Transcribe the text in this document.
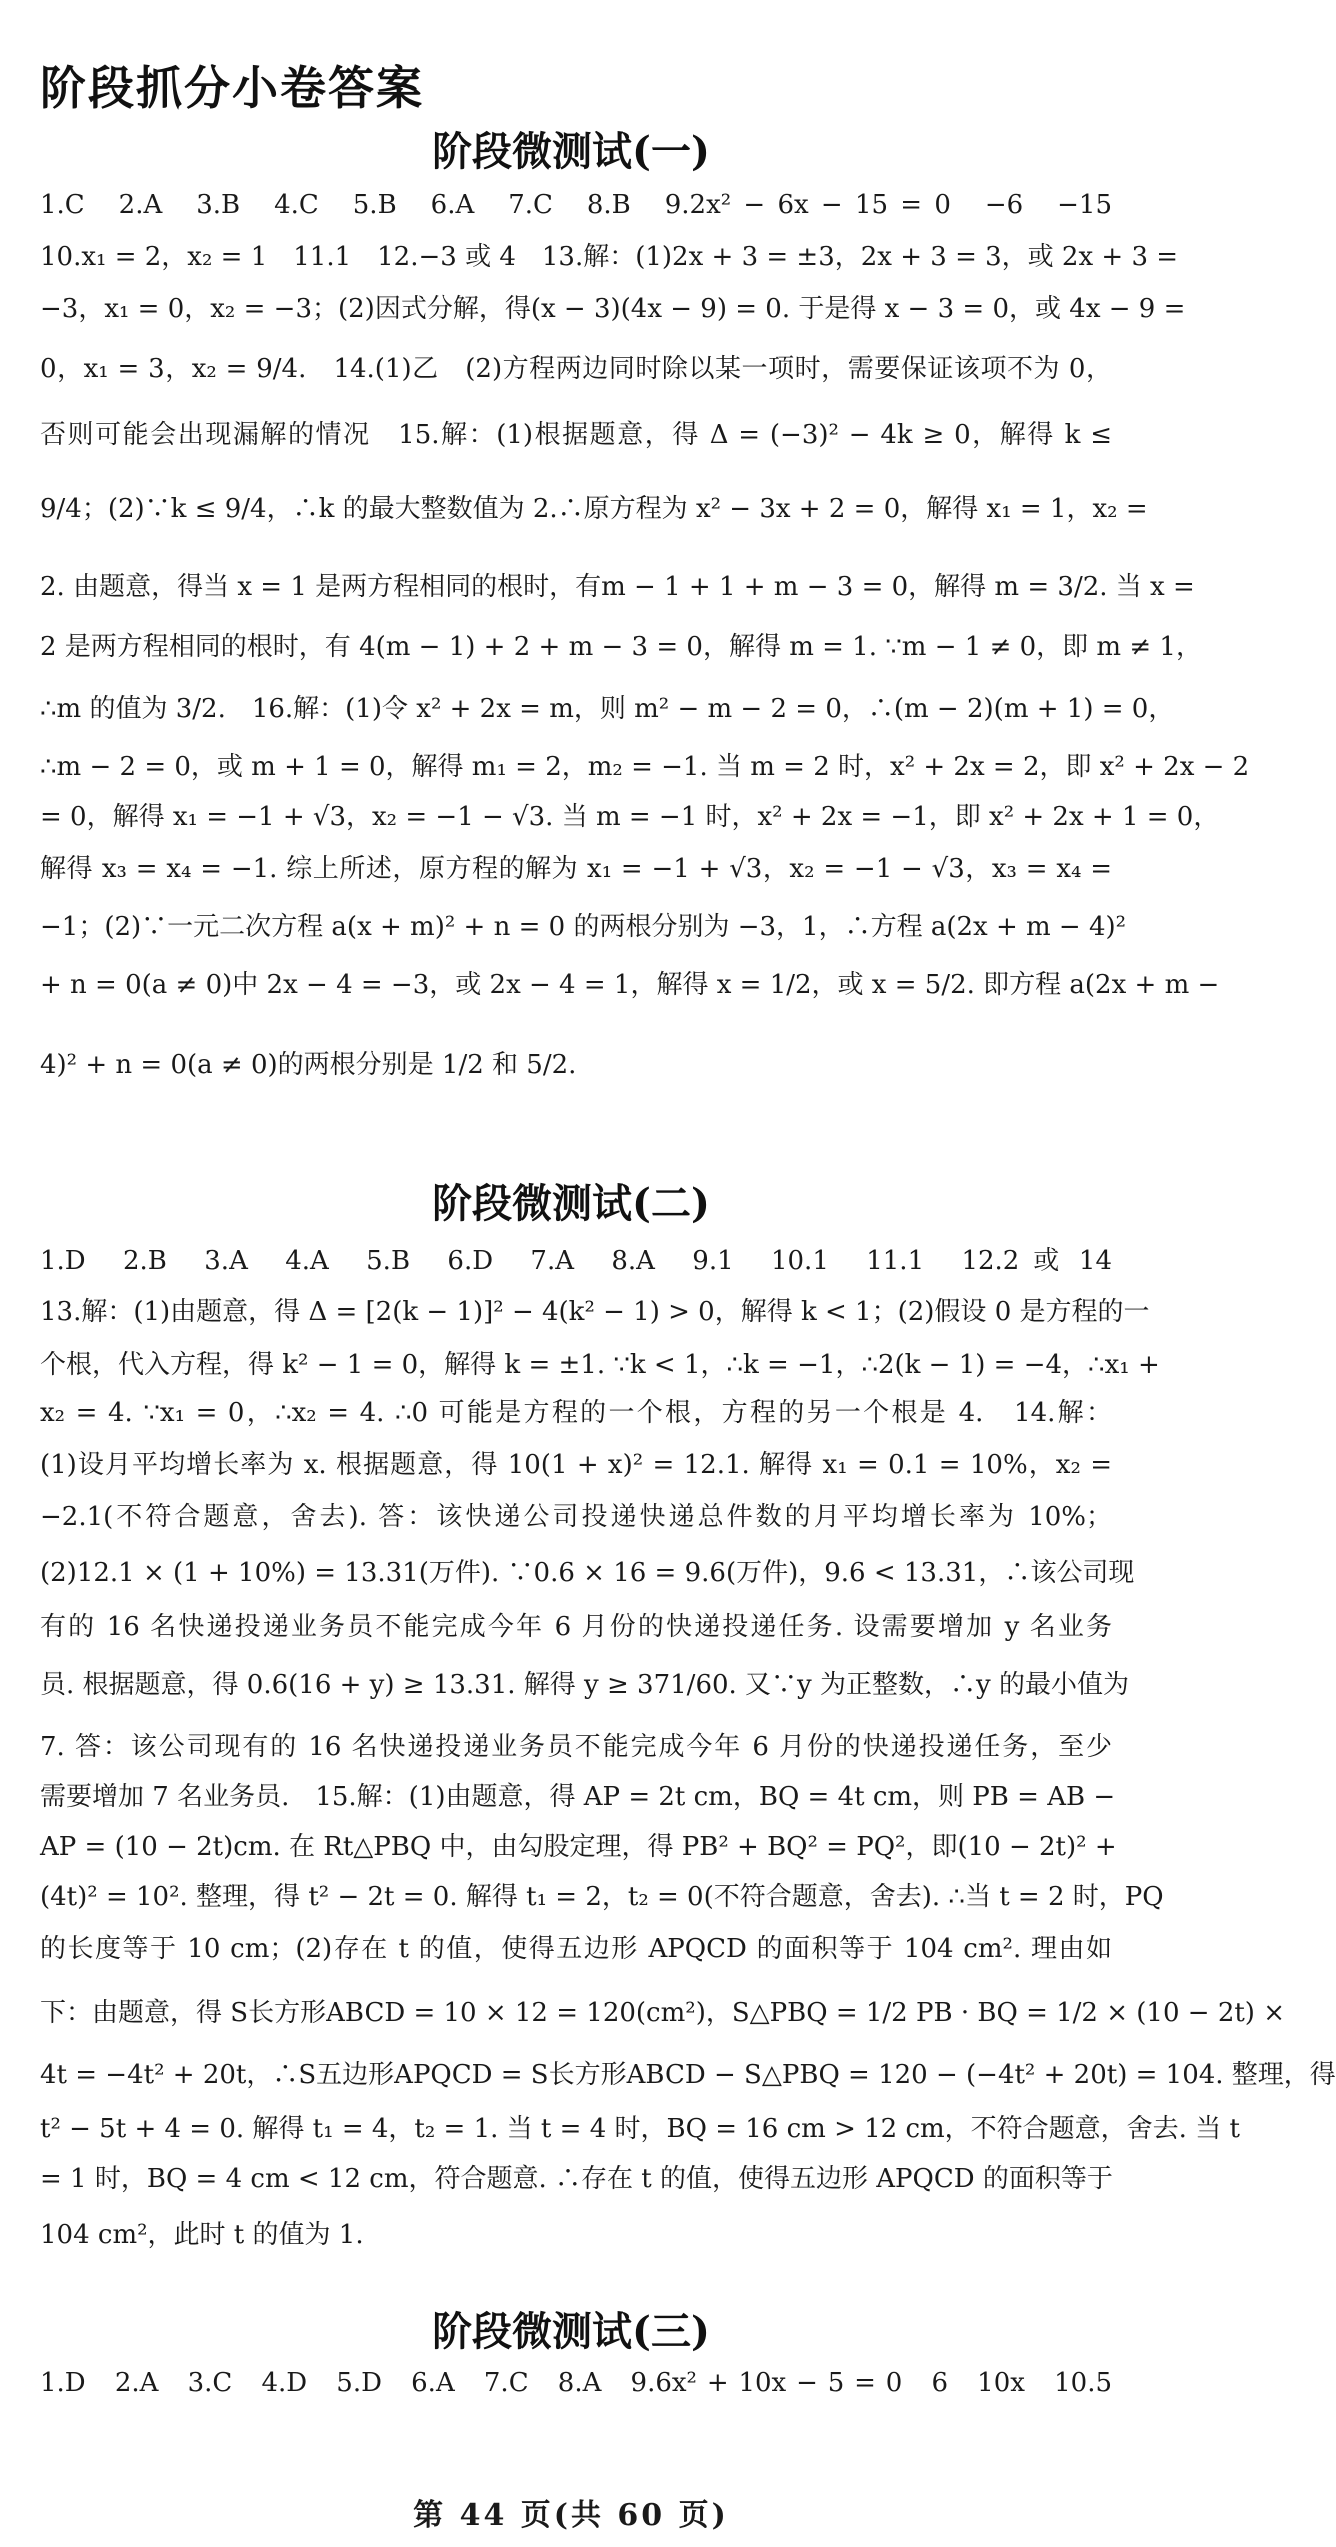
阶段抓分小卷答案
阶段微测试(一)
1.C　2.A　3.B　4.C　5.B　6.A　7.C　8.B　9.2x² − 6x − 15 = 0　−6　−15
10.x₁ = 2，x₂ = 1　11.1　12.−3 或 4　13.解：(1)2x + 3 = ±3，2x + 3 = 3，或 2x + 3 =
−3，x₁ = 0，x₂ = −3；(2)因式分解，得(x − 3)(4x − 9) = 0. 于是得 x − 3 = 0，或 4x − 9 =
0，x₁ = 3，x₂ = 9/4.　14.(1)乙　(2)方程两边同时除以某一项时，需要保证该项不为 0，
否则可能会出现漏解的情况　15.解：(1)根据题意，得 Δ = (−3)² − 4k ≥ 0，解得 k ≤
9/4；(2)∵k ≤ 9/4，∴k 的最大整数值为 2.∴原方程为 x² − 3x + 2 = 0，解得 x₁ = 1，x₂ =
2. 由题意，得当 x = 1 是两方程相同的根时，有m − 1 + 1 + m − 3 = 0，解得 m = 3/2. 当 x =
2 是两方程相同的根时，有 4(m − 1) + 2 + m − 3 = 0，解得 m = 1. ∵m − 1 ≠ 0，即 m ≠ 1，
∴m 的值为 3/2.　16.解：(1)令 x² + 2x = m，则 m² − m − 2 = 0，∴(m − 2)(m + 1) = 0，
∴m − 2 = 0，或 m + 1 = 0，解得 m₁ = 2，m₂ = −1. 当 m = 2 时，x² + 2x = 2，即 x² + 2x − 2
= 0，解得 x₁ = −1 + √3，x₂ = −1 − √3. 当 m = −1 时，x² + 2x = −1，即 x² + 2x + 1 = 0，
解得 x₃ = x₄ = −1. 综上所述，原方程的解为 x₁ = −1 + √3，x₂ = −1 − √3，x₃ = x₄ =
−1；(2)∵一元二次方程 a(x + m)² + n = 0 的两根分别为 −3，1，∴方程 a(2x + m − 4)²
+ n = 0(a ≠ 0)中 2x − 4 = −3，或 2x − 4 = 1，解得 x = 1/2，或 x = 5/2. 即方程 a(2x + m −
4)² + n = 0(a ≠ 0)的两根分别是 1/2 和 5/2.
阶段微测试(二)
1.D　2.B　3.A　4.A　5.B　6.D　7.A　8.A　9.1　10.1　11.1　12.2 或 14
13.解：(1)由题意，得 Δ = [2(k − 1)]² − 4(k² − 1) > 0，解得 k < 1；(2)假设 0 是方程的一
个根，代入方程，得 k² − 1 = 0，解得 k = ±1. ∵k < 1，∴k = −1，∴2(k − 1) = −4，∴x₁ +
x₂ = 4. ∵x₁ = 0，∴x₂ = 4. ∴0 可能是方程的一个根，方程的另一个根是 4.　14.解：
(1)设月平均增长率为 x. 根据题意，得 10(1 + x)² = 12.1. 解得 x₁ = 0.1 = 10%，x₂ =
−2.1(不符合题意，舍去). 答：该快递公司投递快递总件数的月平均增长率为 10%；
(2)12.1 × (1 + 10%) = 13.31(万件). ∵0.6 × 16 = 9.6(万件)，9.6 < 13.31，∴该公司现
有的 16 名快递投递业务员不能完成今年 6 月份的快递投递任务. 设需要增加 y 名业务
员. 根据题意，得 0.6(16 + y) ≥ 13.31. 解得 y ≥ 371/60. 又∵y 为正整数，∴y 的最小值为
7. 答：该公司现有的 16 名快递投递业务员不能完成今年 6 月份的快递投递任务，至少
需要增加 7 名业务员.　15.解：(1)由题意，得 AP = 2t cm，BQ = 4t cm，则 PB = AB −
AP = (10 − 2t)cm. 在 Rt△PBQ 中，由勾股定理，得 PB² + BQ² = PQ²，即(10 − 2t)² +
(4t)² = 10². 整理，得 t² − 2t = 0. 解得 t₁ = 2，t₂ = 0(不符合题意，舍去). ∴当 t = 2 时，PQ
的长度等于 10 cm；(2)存在 t 的值，使得五边形 APQCD 的面积等于 104 cm². 理由如
下：由题意，得 S长方形ABCD = 10 × 12 = 120(cm²)，S△PBQ = 1/2 PB · BQ = 1/2 × (10 − 2t) ×
4t = −4t² + 20t，∴S五边形APQCD = S长方形ABCD − S△PBQ = 120 − (−4t² + 20t) = 104. 整理，得
t² − 5t + 4 = 0. 解得 t₁ = 4，t₂ = 1. 当 t = 4 时，BQ = 16 cm > 12 cm，不符合题意，舍去. 当 t
= 1 时，BQ = 4 cm < 12 cm，符合题意. ∴存在 t 的值，使得五边形 APQCD 的面积等于
104 cm²，此时 t 的值为 1.
阶段微测试(三)
1.D　2.A　3.C　4.D　5.D　6.A　7.C　8.A　9.6x² + 10x − 5 = 0　6　10x　10.5
第 44 页(共 60 页)
